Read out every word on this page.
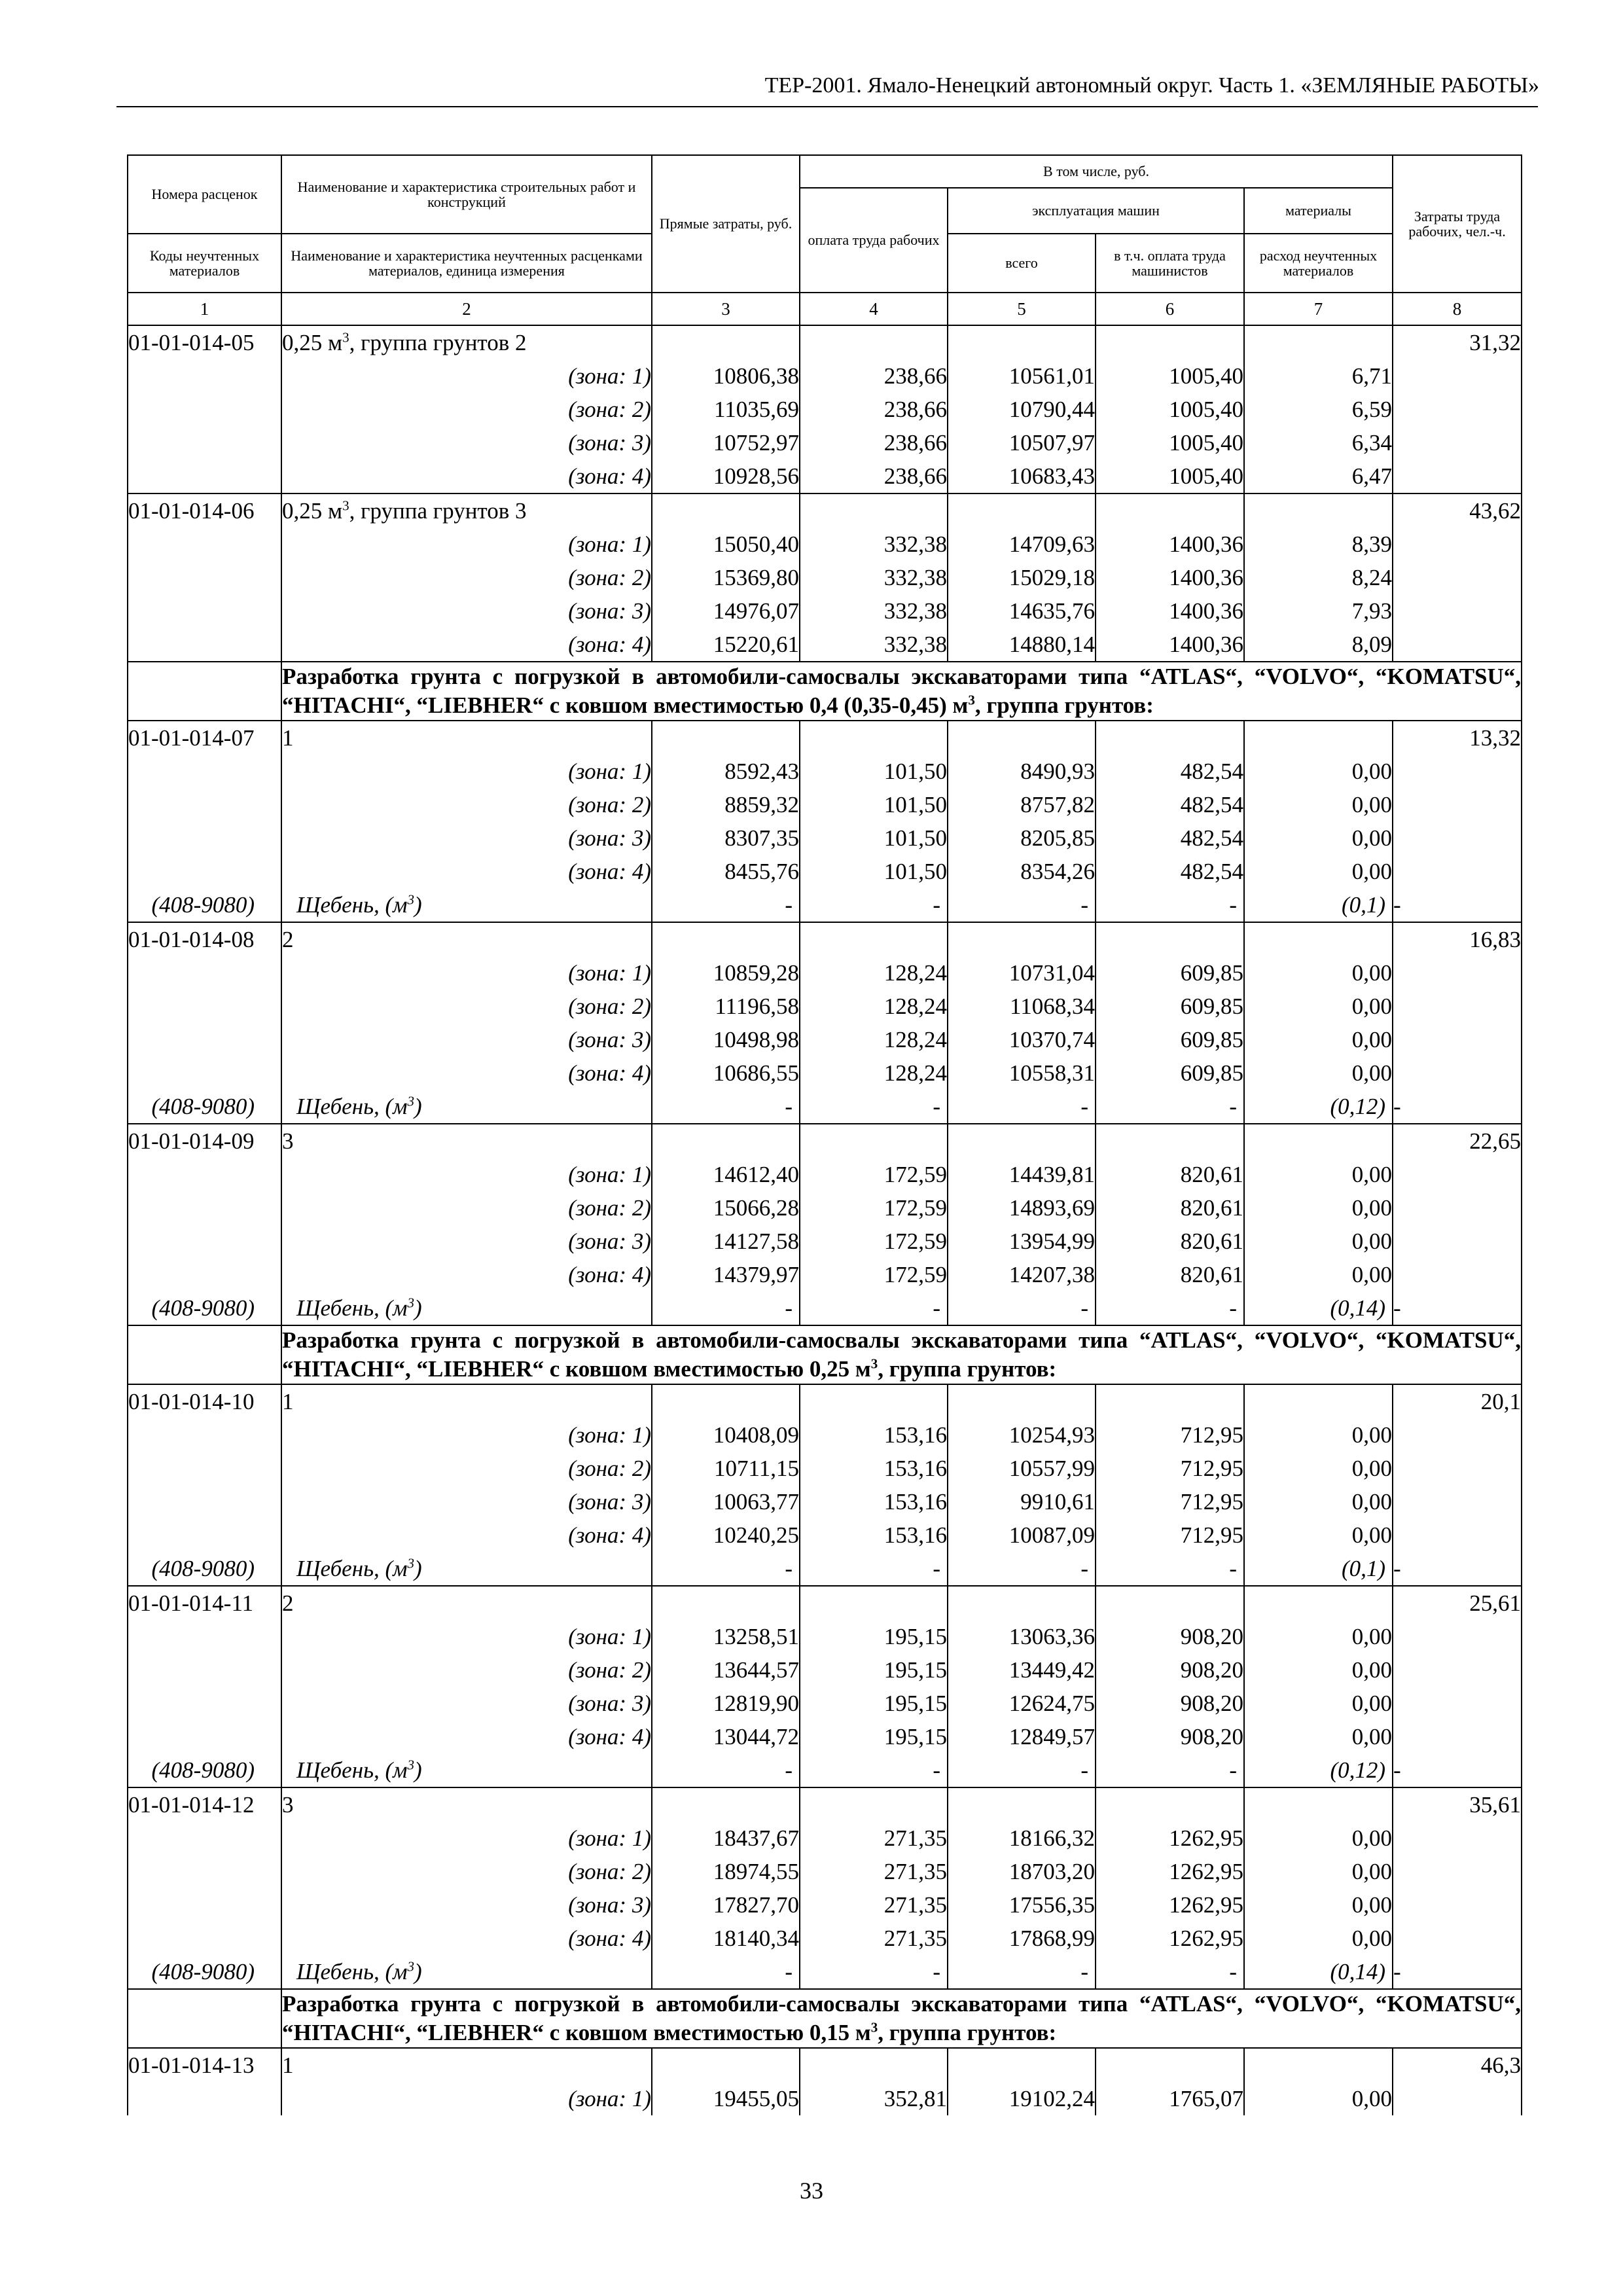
ТЕР-2001. Ямало-Ненецкий автономный округ. Часть 1. «ЗЕМЛЯНЫЕ РАБОТЫ»
Номера расценок	Наименование и характеристика строительных работ и конструкций	Прямые затраты, руб.	В том числе, руб.				Затраты труда рабочих, чел.-ч.
			оплата труда рабочих	эксплуатация машин		материалы	
Коды неучтенных материалов	Наименование и характеристика неучтенных расценками материалов, единица измерения			всего	в т.ч. оплата труда машинистов	расход неучтенных материалов	

1	2	3	4	5	6	7	8
01-01-014-05	0,25 $м^3$, группа грунтов 2						31,32
	(зона: 1)	10806,38	238,66	10561,01	1005,40	6,71	
	(зона: 2)	11035,69	238,66	10790,44	1005,40	6,59	
	(зона: 3)	10752,97	238,66	10507,97	1005,40	6,34	
	(зона: 4)	10928,56	238,66	10683,43	1005,40	6,47	
01-01-014-06	0,25 $м^3$, группа грунтов 3						43,62
	(зона: 1)	15050,40	332,38	14709,63	1400,36	8,39	
	(зона: 2)	15369,80	332,38	15029,18	1400,36	8,24	
	(зона: 3)	14976,07	332,38	14635,76	1400,36	7,93	
	(зона: 4)	15220,61	332,38	14880,14	1400,36	8,09	
	Разработка грунта с погрузкой в автомобили-самосвалы экскаваторами типа “ATLAS“, “VOLVO“, “KOMATSU“, “HITACHI“, “LIEBHER“ с ковшом вместимостью 0,4 (0,35-0,45) $м^3$, группа грунтов:						
01-01-014-07	1						13,32
	(зона: 1)	8592,43	101,50	8490,93	482,54	0,00	
	(зона: 2)	8859,32	101,50	8757,82	482,54	0,00	
	(зона: 3)	8307,35	101,50	8205,85	482,54	0,00	
	(зона: 4)	8455,76	101,50	8354,26	482,54	0,00	
(408-9080)	Щебень, $(м^3)$	-	-	-	-	(0,1)	-
01-01-014-08	2						16,83
	(зона: 1)	10859,28	128,24	10731,04	609,85	0,00	
	(зона: 2)	11196,58	128,24	11068,34	609,85	0,00	
	(зона: 3)	10498,98	128,24	10370,74	609,85	0,00	
	(зона: 4)	10686,55	128,24	10558,31	609,85	0,00	
(408-9080)	Щебень, $(м^3)$	-	-	-	-	(0,12)	-
01-01-014-09	3						22,65
	(зона: 1)	14612,40	172,59	14439,81	820,61	0,00	
	(зона: 2)	15066,28	172,59	14893,69	820,61	0,00	
	(зона: 3)	14127,58	172,59	13954,99	820,61	0,00	
	(зона: 4)	14379,97	172,59	14207,38	820,61	0,00	
(408-9080)	Щебень, $(м^3)$	-	-	-	-	(0,14)	-
	Разработка грунта с погрузкой в автомобили-самосвалы экскаваторами типа “ATLAS“, “VOLVO“, “KOMATSU“, “HITACHI“, “LIEBHER“ с ковшом вместимостью 0,25 $м^3$, группа грунтов:						
01-01-014-10	1						20,1
	(зона: 1)	10408,09	153,16	10254,93	712,95	0,00	
	(зона: 2)	10711,15	153,16	10557,99	712,95	0,00	
	(зона: 3)	10063,77	153,16	9910,61	712,95	0,00	
	(зона: 4)	10240,25	153,16	10087,09	712,95	0,00	
(408-9080)	Щебень, $(м^3)$	-	-	-	-	(0,1)	-
01-01-014-11	2						25,61
	(зона: 1)	13258,51	195,15	13063,36	908,20	0,00	
	(зона: 2)	13644,57	195,15	13449,42	908,20	0,00	
	(зона: 3)	12819,90	195,15	12624,75	908,20	0,00	
	(зона: 4)	13044,72	195,15	12849,57	908,20	0,00	
(408-9080)	Щебень, $(м^3)$	-	-	-	-	(0,12)	-
01-01-014-12	3						35,61
	(зона: 1)	18437,67	271,35	18166,32	1262,95	0,00	
	(зона: 2)	18974,55	271,35	18703,20	1262,95	0,00	
	(зона: 3)	17827,70	271,35	17556,35	1262,95	0,00	
	(зона: 4)	18140,34	271,35	17868,99	1262,95	0,00	
(408-9080)	Щебень, $(м^3)$	-	-	-	-	(0,14)	-
	Разработка грунта с погрузкой в автомобили-самосвалы экскаваторами типа “ATLAS“, “VOLVO“, “KOMATSU“, “HITACHI“, “LIEBHER“ с ковшом вместимостью 0,15 $м^3$, группа грунтов:						
01-01-014-13	1						46,3
	(зона: 1)	19455,05	352,81	19102,24	1765,07	0,00	
33
